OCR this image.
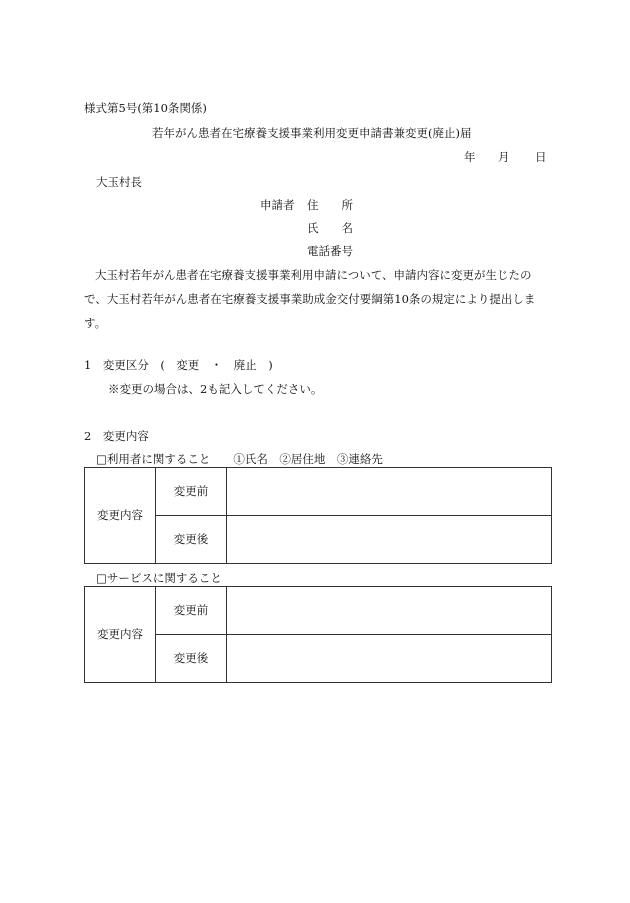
様式第5号(第10条関係)
若年がん患者在宅療養支援事業利用変更申請書兼変更(廃止)届
年 月 日
大玉村長
申請者 住　　所
氏　　名
電話番号
大玉村若年がん患者在宅療養支援事業利用申請について、申請内容に変更が生じたので、大玉村若年がん患者在宅療養支援事業助成金交付要綱第10条の規定により提出します。
1　変更区分　(　変更　・　廃止　)
※変更の場合は、2も記入してください。
2　変更内容
□利用者に関すること　　①氏名　②居住地　③連絡先
変更内容	変更前	
	変更後	
□サービスに関すること
変更内容	変更前	
	変更後	
